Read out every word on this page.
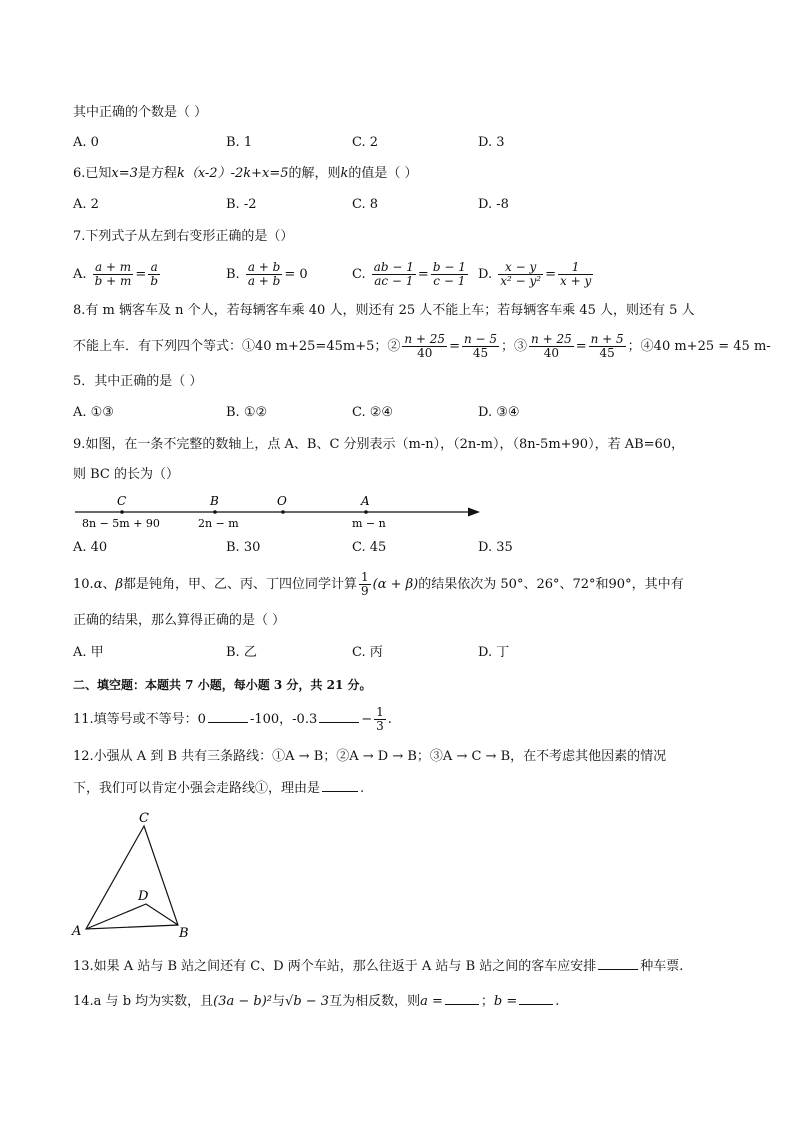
其中正确的个数是（ ）
A. 0	B. 1	C. 2	D. 3
6.已知x=3是方程k（x-2）-2k+x=5的解，则k的值是（ ）
A. 2	B. -2	C. 8	D. -8
7.下列式子从左到右变形正确的是（）
A. $\frac{a + m}{b + m} = \frac{a}{b}$	B. $\frac{a + b}{a + b} = 0$	C. $\frac{ab - 1}{ac - 1} = \frac{b - 1}{c - 1} D$. $\frac{x - y}{\text{x² − y²}} = \frac{1}{x + y}$
8.有 m 辆客车及 n 个人，若每辆客车乘 40 人，则还有 25 人不能上车；若每辆客车乘 45 人，则还有 5 人
不能上车．有下列四个等式：①40 m+25=45m+5；② $\frac{n + 25}{40} = \frac{n - 5}{45}$ ；③ $\frac{n + 25}{40} = \frac{n + 5}{45}$ ；④40 m+25 = 45 m-
5．其中正确的是（ ）
A. ①③	B. ①②	C. ②④	D. ③④
9.如图，在一条不完整的数轴上，点 A、B、C 分别表示（m-n），（2n-m），（8n-5m+90），若 AB=60，
则 BC 的长为（）
C	B	O	A
8n − 5m + 90	2n − m	m − n
A. 40	B. 30	C. 45	D. 35
10.α、β都是钝角，甲、乙、丙、丁四位同学计算 $\frac{1}{9} (\alpha + \beta)$的结果依次为 50°、26°、72°和90°，其中有
正确的结果，那么算得正确的是（ ）
A. 甲	B. 乙	C. 丙	D. 丁
二、填空题：本题共 7 小题，每小题 3 分，共 21 分。
11.填等号或不等号：0	-100，-0.3	− $\frac{1}{3}$ .
12.小强从 A 到 B 共有三条路线：①A → B；②A → D → B；③A → C → B，在不考虑其他因素的情况
下，我们可以肯定小强会走路线①，理由是	.
C
D
A	B
13.如果 A 站与 B 站之间还有 C、D 两个车站，那么往返于 A 站与 B 站之间的客车应安排	种车票.
14.a 与 b 均为实数，且(3a − b)²与√b − 3互为相反数，则a =	；b =	.
